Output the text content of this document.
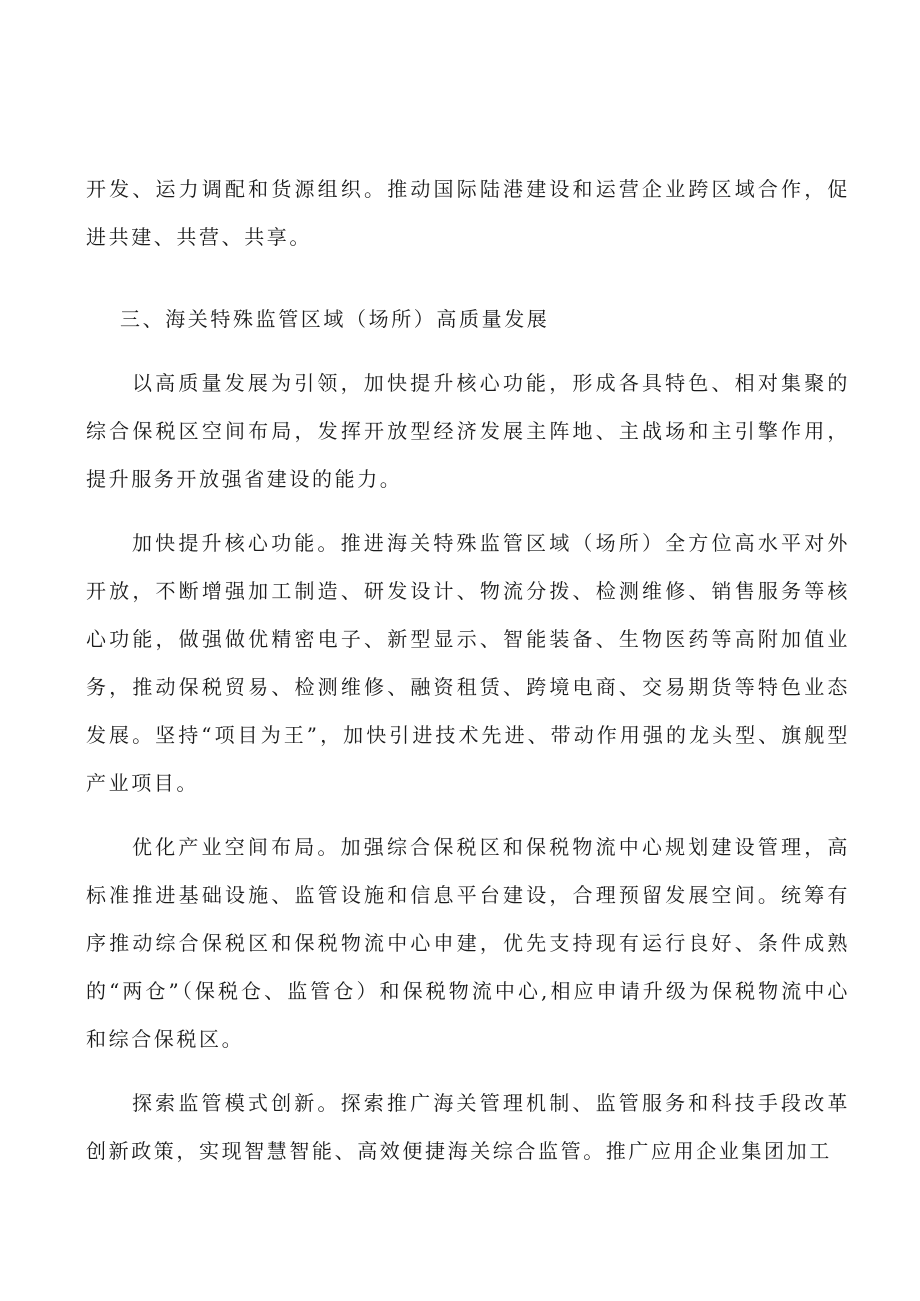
开发、运力调配和货源组织。推动国际陆港建设和运营企业跨区域合作，促进共建、共营、共享。

三、海关特殊监管区域（场所）高质量发展

以高质量发展为引领，加快提升核心功能，形成各具特色、相对集聚的综合保税区空间布局，发挥开放型经济发展主阵地、主战场和主引擎作用，提升服务开放强省建设的能力。

加快提升核心功能。推进海关特殊监管区域（场所）全方位高水平对外开放，不断增强加工制造、研发设计、物流分拨、检测维修、销售服务等核心功能，做强做优精密电子、新型显示、智能装备、生物医药等高附加值业务，推动保税贸易、检测维修、融资租赁、跨境电商、交易期货等特色业态发展。坚持“项目为王”，加快引进技术先进、带动作用强的龙头型、旗舰型产业项目。

优化产业空间布局。加强综合保税区和保税物流中心规划建设管理，高标准推进基础设施、监管设施和信息平台建设，合理预留发展空间。统筹有序推动综合保税区和保税物流中心申建，优先支持现有运行良好、条件成熟的“两仓”（保税仓、监管仓）和保税物流中心,相应申请升级为保税物流中心和综合保税区。

探索监管模式创新。探索推广海关管理机制、监管服务和科技手段改革创新政策，实现智慧智能、高效便捷海关综合监管。推广应用企业集团加工
